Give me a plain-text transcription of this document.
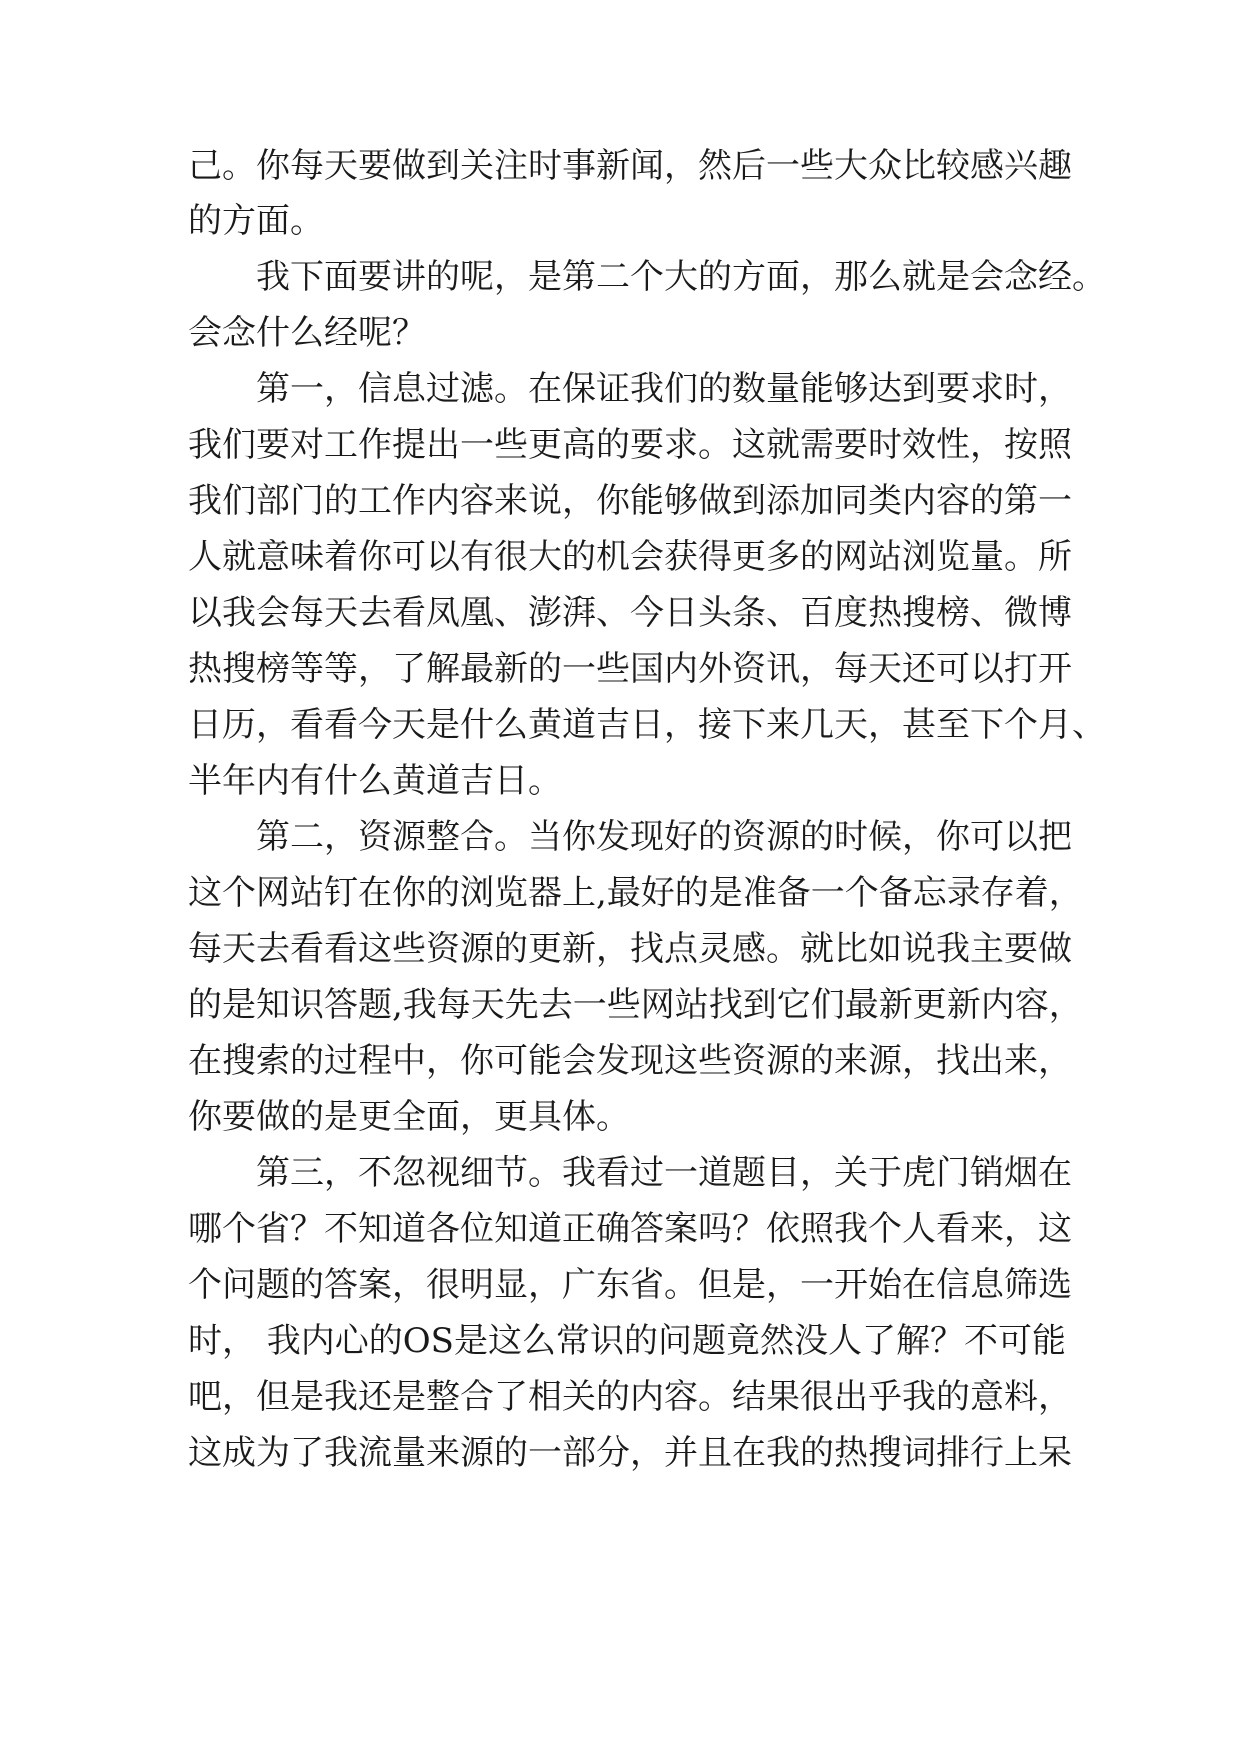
己。你每天要做到关注时事新闻，然后一些大众比较感兴趣
的方面。
我下面要讲的呢，是第二个大的方面，那么就是会念经。
会念什么经呢？
第一，信息过滤。在保证我们的数量能够达到要求时，
我们要对工作提出一些更高的要求。这就需要时效性，按照
我们部门的工作内容来说，你能够做到添加同类内容的第一
人就意味着你可以有很大的机会获得更多的网站浏览量。所
以我会每天去看凤凰、澎湃、今日头条、百度热搜榜、微博
热搜榜等等，了解最新的一些国内外资讯，每天还可以打开
日历，看看今天是什么黄道吉日，接下来几天，甚至下个月、
半年内有什么黄道吉日。
第二，资源整合。当你发现好的资源的时候，你可以把
这个网站钉在你的浏览器上,最好的是准备一个备忘录存着，
每天去看看这些资源的更新，找点灵感。就比如说我主要做
的是知识答题,我每天先去一些网站找到它们最新更新内容，
在搜索的过程中，你可能会发现这些资源的来源，找出来，
你要做的是更全面，更具体。
第三，不忽视细节。我看过一道题目，关于虎门销烟在
哪个省？不知道各位知道正确答案吗？依照我个人看来，这
个问题的答案，很明显，广东省。但是，一开始在信息筛选
时， 我内心的OS是这么常识的问题竟然没人了解？不可能
吧，但是我还是整合了相关的内容。结果很出乎我的意料，
这成为了我流量来源的一部分，并且在我的热搜词排行上呆
